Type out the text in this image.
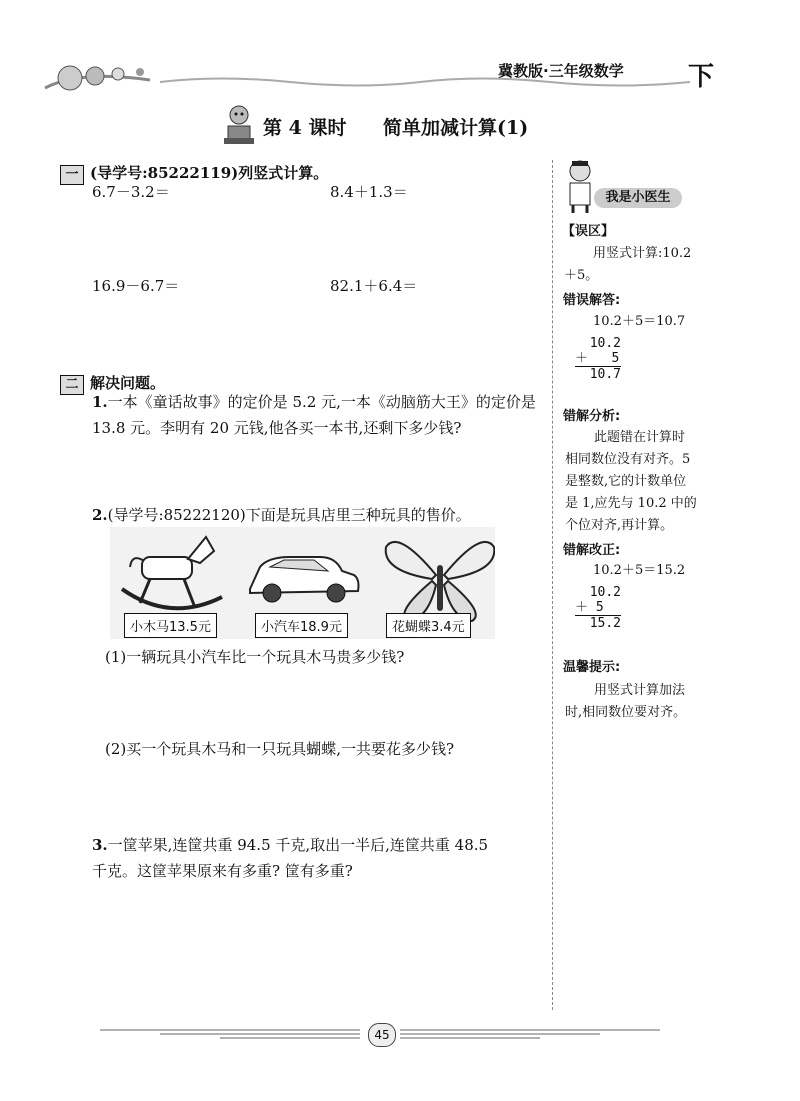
冀教版·三年级数学 下
第 4 课时 简单加减计算(1)
一 (导学号:85222119)列竖式计算。
6.7－3.2＝	8.4＋1.3＝
16.9－6.7＝	82.1＋6.4＝
二 解决问题。
1.一本《童话故事》的定价是 5.2 元,一本《动脑筋大王》的定价是
13.8 元。李明有 20 元钱,他各买一本书,还剩下多少钱?
2.(导学号:85222120)下面是玩具店里三种玩具的售价。
小木马13.5元	小汽车18.9元	花蝴蝶3.4元
(1)一辆玩具小汽车比一个玩具木马贵多少钱?
(2)买一个玩具木马和一只玩具蝴蝶,一共要花多少钱?
3.一筐苹果,连筐共重 94.5 千克,取出一半后,连筐共重 48.5
千克。这筐苹果原来有多重? 筐有多重?
我是小医生
【误区】
用竖式计算:10.2
＋5。
错误解答:
10.2＋5＝10.7
10.2
＋   5
10.7
错解分析:
此题错在计算时
相同数位没有对齐。5
是整数,它的计数单位
是 1,应先与 10.2 中的
个位对齐,再计算。
错解改正:
10.2＋5＝15.2
10.2
＋ 5
15.2
温馨提示:
用竖式计算加法
时,相同数位要对齐。
45
